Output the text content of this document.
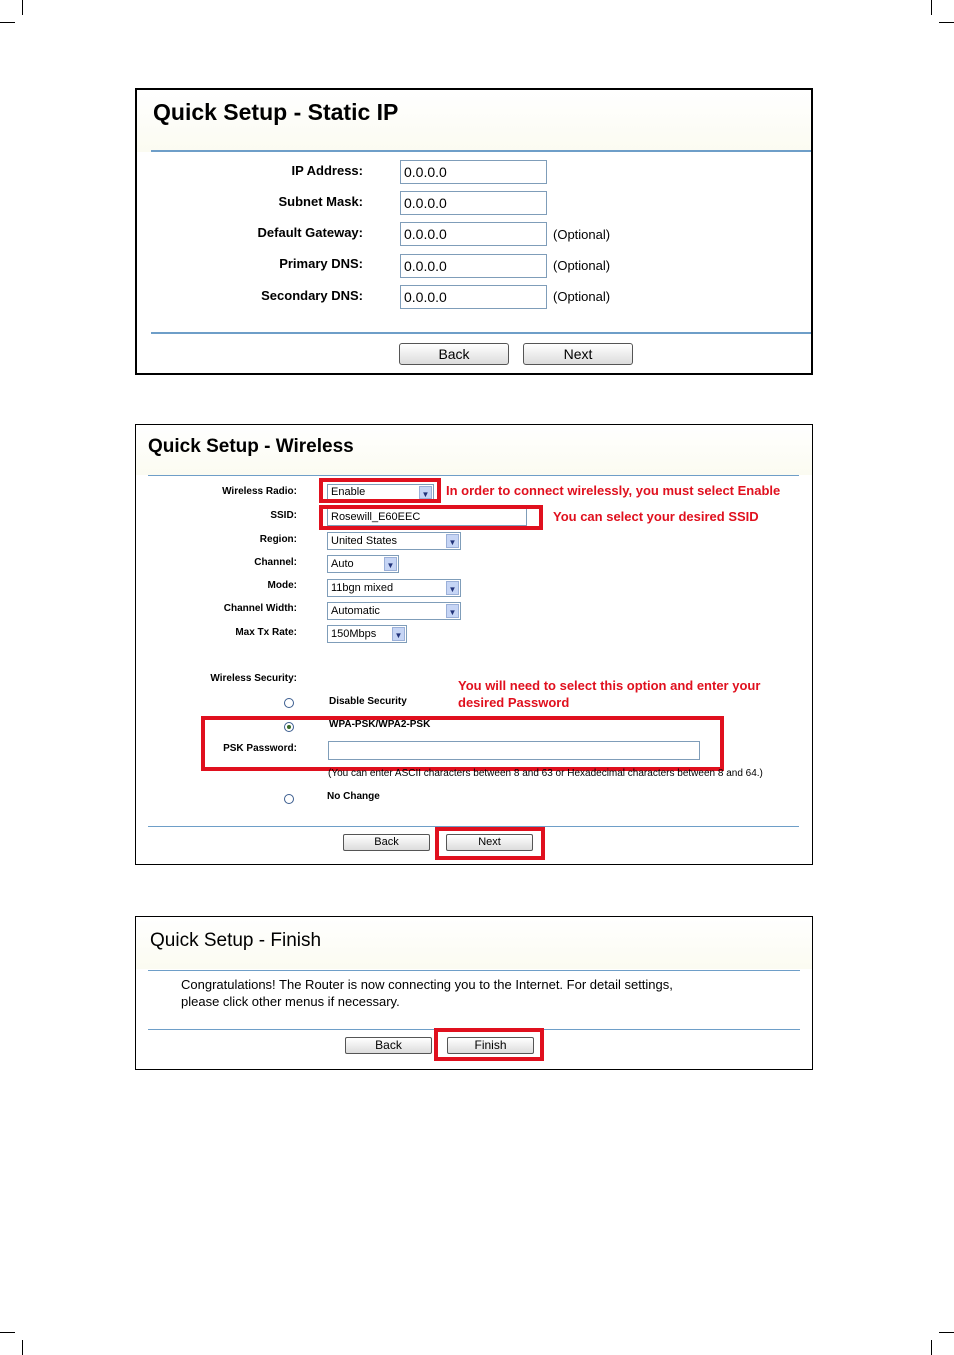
Quick Setup - Static IP
IP Address:	0.0.0.0
Subnet Mask:	0.0.0.0
Default Gateway:	0.0.0.0	(Optional)
Primary DNS:	0.0.0.0	(Optional)
Secondary DNS:	0.0.0.0	(Optional)
Back	Next
Quick Setup - Wireless
Wireless Radio:	Enable	▼ In order to connect wirelessly, you must select Enable
SSID:	Rosewill_E60EEC	You can select your desired SSID
Region:	United States	▼
Channel:	Auto	▼
Mode:	11bgn mixed	▼
Channel Width:	Automatic	▼
Max Tx Rate:	150Mbps	▼
Wireless Security:	You will need to select this option and enter your
desired Password
Disable Security
WPA-PSK/WPA2-PSK
PSK Password:
(You can enter ASCII characters between 8 and 63 or Hexadecimal characters between 8 and 64.)
No Change
Back	Next
Quick Setup - Finish
Congratulations! The Router is now connecting you to the Internet. For detail settings,
please click other menus if necessary.
Back	Finish
